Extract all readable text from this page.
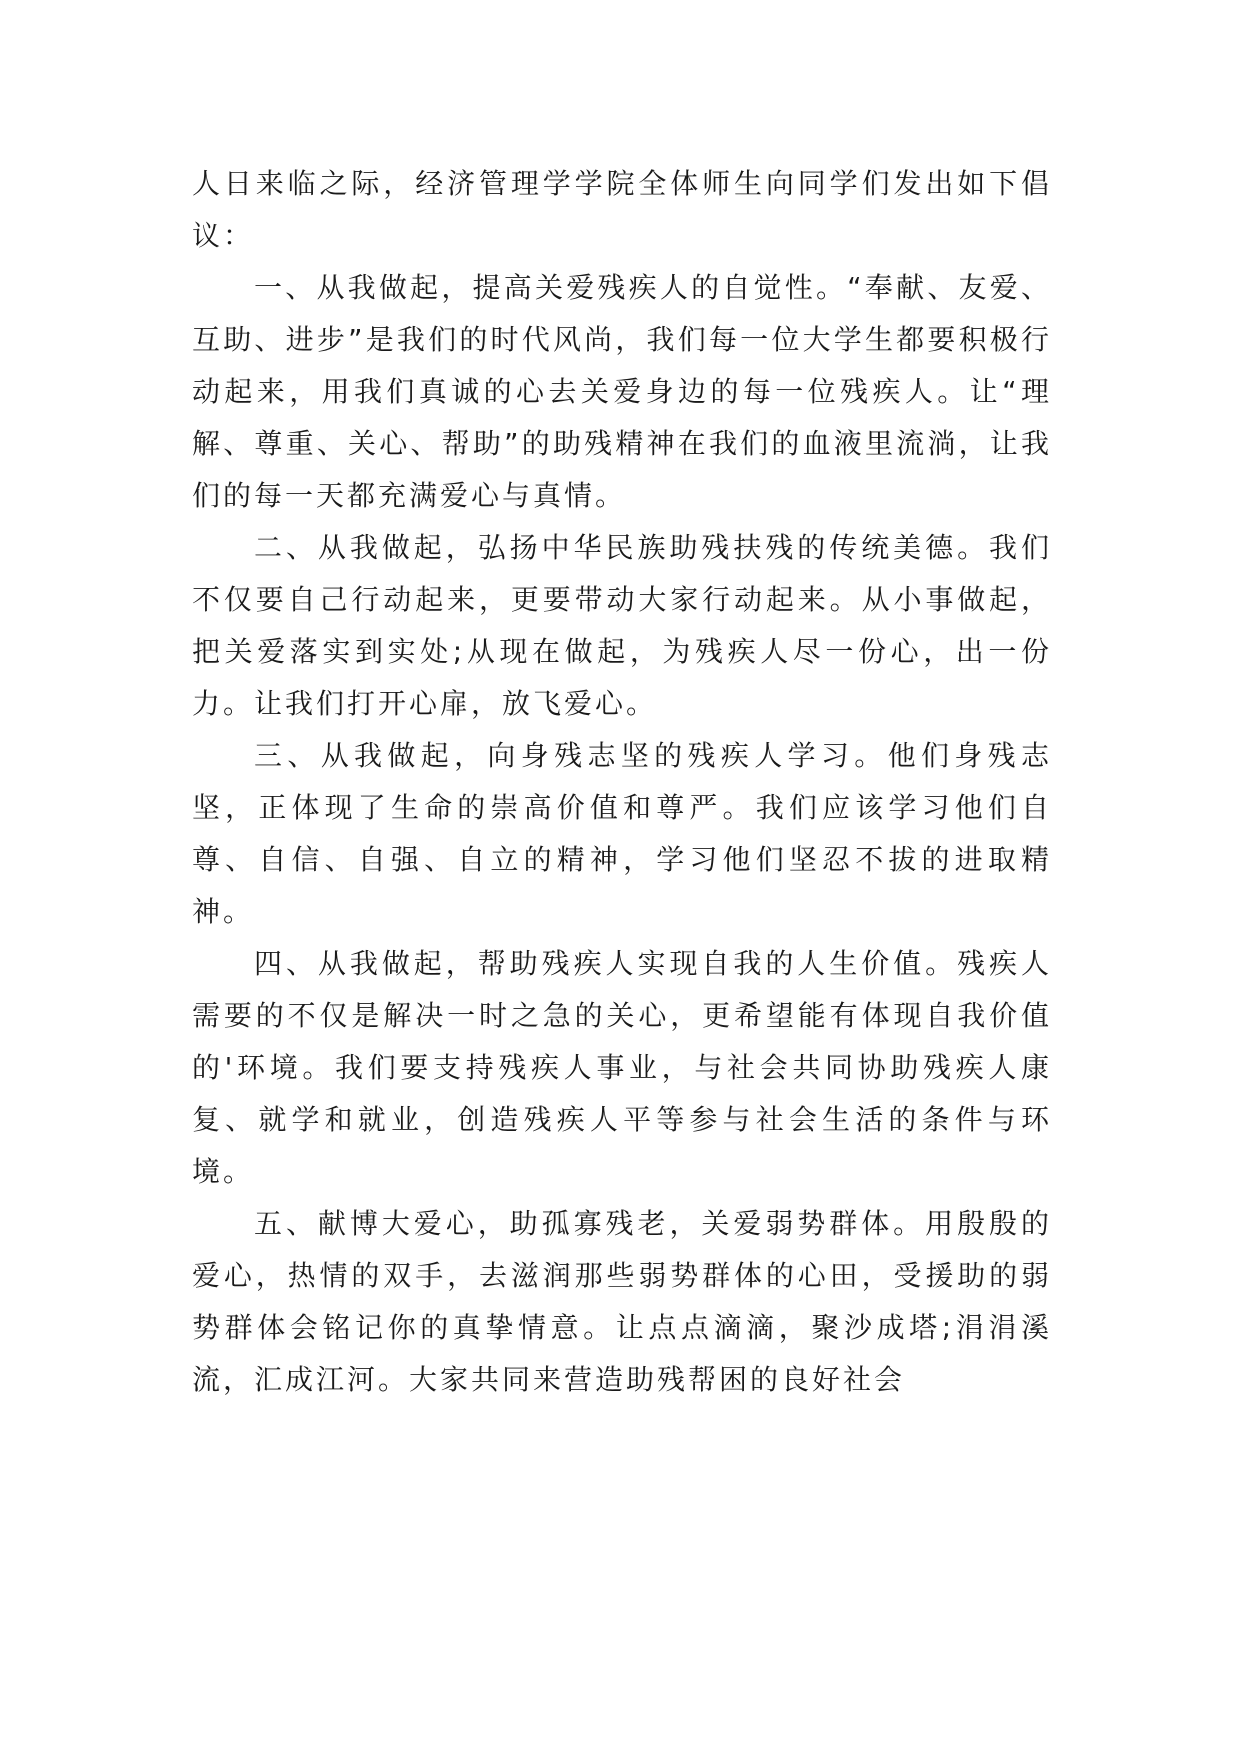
人日来临之际，经济管理学学院全体师生向同学们发出如下倡议：

一、从我做起，提高关爱残疾人的自觉性。“奉献、友爱、互助、进步”是我们的时代风尚，我们每一位大学生都要积极行动起来，用我们真诚的心去关爱身边的每一位残疾人。让“理解、尊重、关心、帮助”的助残精神在我们的血液里流淌，让我们的每一天都充满爱心与真情。

二、从我做起，弘扬中华民族助残扶残的传统美德。我们不仅要自己行动起来，更要带动大家行动起来。从小事做起，把关爱落实到实处;从现在做起，为残疾人尽一份心，出一份力。让我们打开心扉，放飞爱心。

三、从我做起，向身残志坚的残疾人学习。他们身残志坚，正体现了生命的崇高价值和尊严。我们应该学习他们自尊、自信、自强、自立的精神，学习他们坚忍不拔的进取精神。

四、从我做起，帮助残疾人实现自我的人生价值。残疾人需要的不仅是解决一时之急的关心，更希望能有体现自我价值的'环境。我们要支持残疾人事业，与社会共同协助残疾人康复、就学和就业，创造残疾人平等参与社会生活的条件与环境。

五、献博大爱心，助孤寡残老，关爱弱势群体。用殷殷的爱心，热情的双手，去滋润那些弱势群体的心田，受援助的弱势群体会铭记你的真挚情意。让点点滴滴，聚沙成塔;涓涓溪流，汇成江河。大家共同来营造助残帮困的良好社会
